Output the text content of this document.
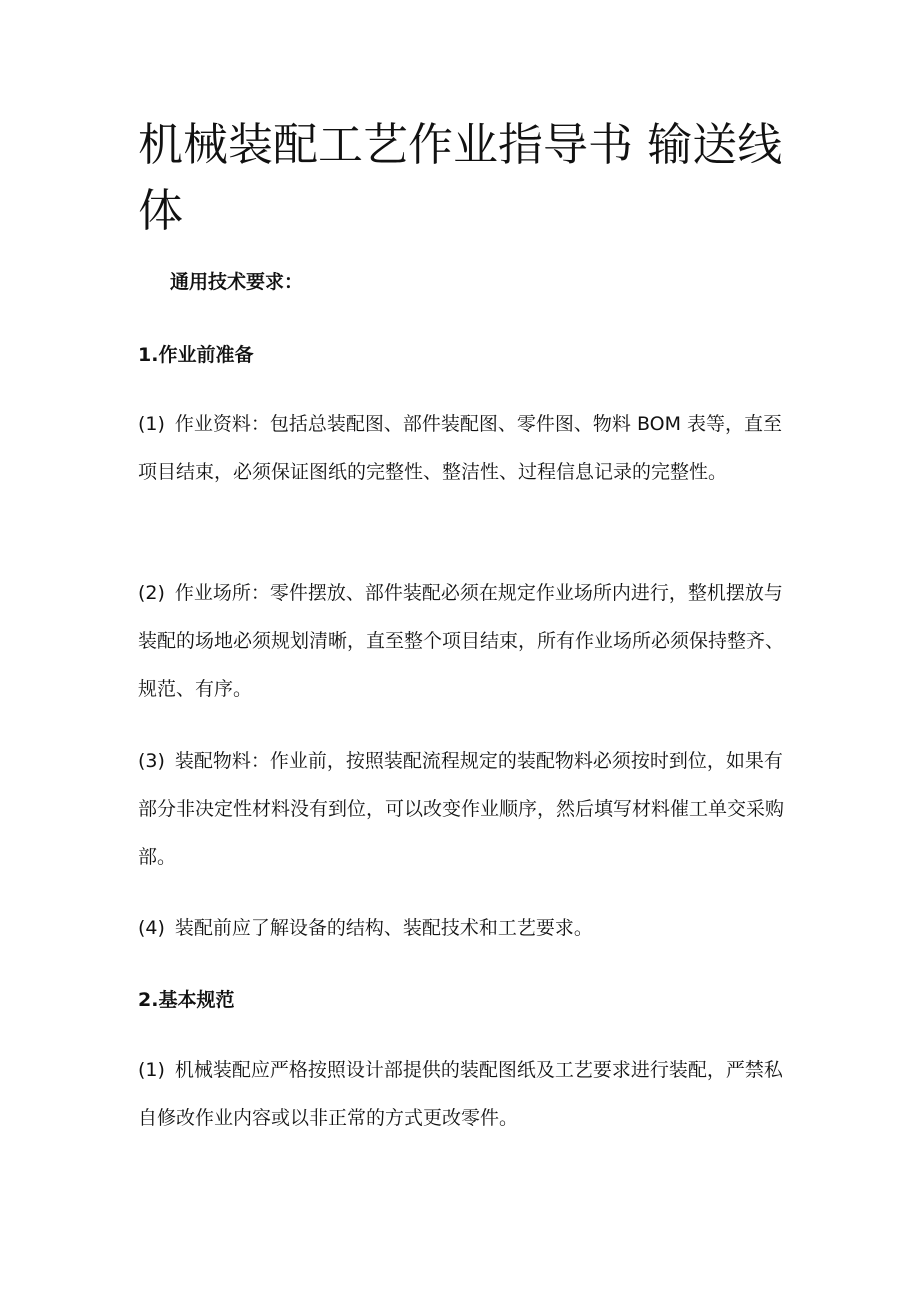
机械装配工艺作业指导书 输送线体

通用技术要求：

1.作业前准备

(1) 作业资料：包括总装配图、部件装配图、零件图、物料 BOM 表等，直至项目结束，必须保证图纸的完整性、整洁性、过程信息记录的完整性。

(2) 作业场所：零件摆放、部件装配必须在规定作业场所内进行，整机摆放与装配的场地必须规划清晰，直至整个项目结束，所有作业场所必须保持整齐、规范、有序。

(3) 装配物料：作业前，按照装配流程规定的装配物料必须按时到位，如果有部分非决定性材料没有到位，可以改变作业顺序，然后填写材料催工单交采购部。

(4) 装配前应了解设备的结构、装配技术和工艺要求。

2.基本规范

(1) 机械装配应严格按照设计部提供的装配图纸及工艺要求进行装配，严禁私自修改作业内容或以非正常的方式更改零件。
